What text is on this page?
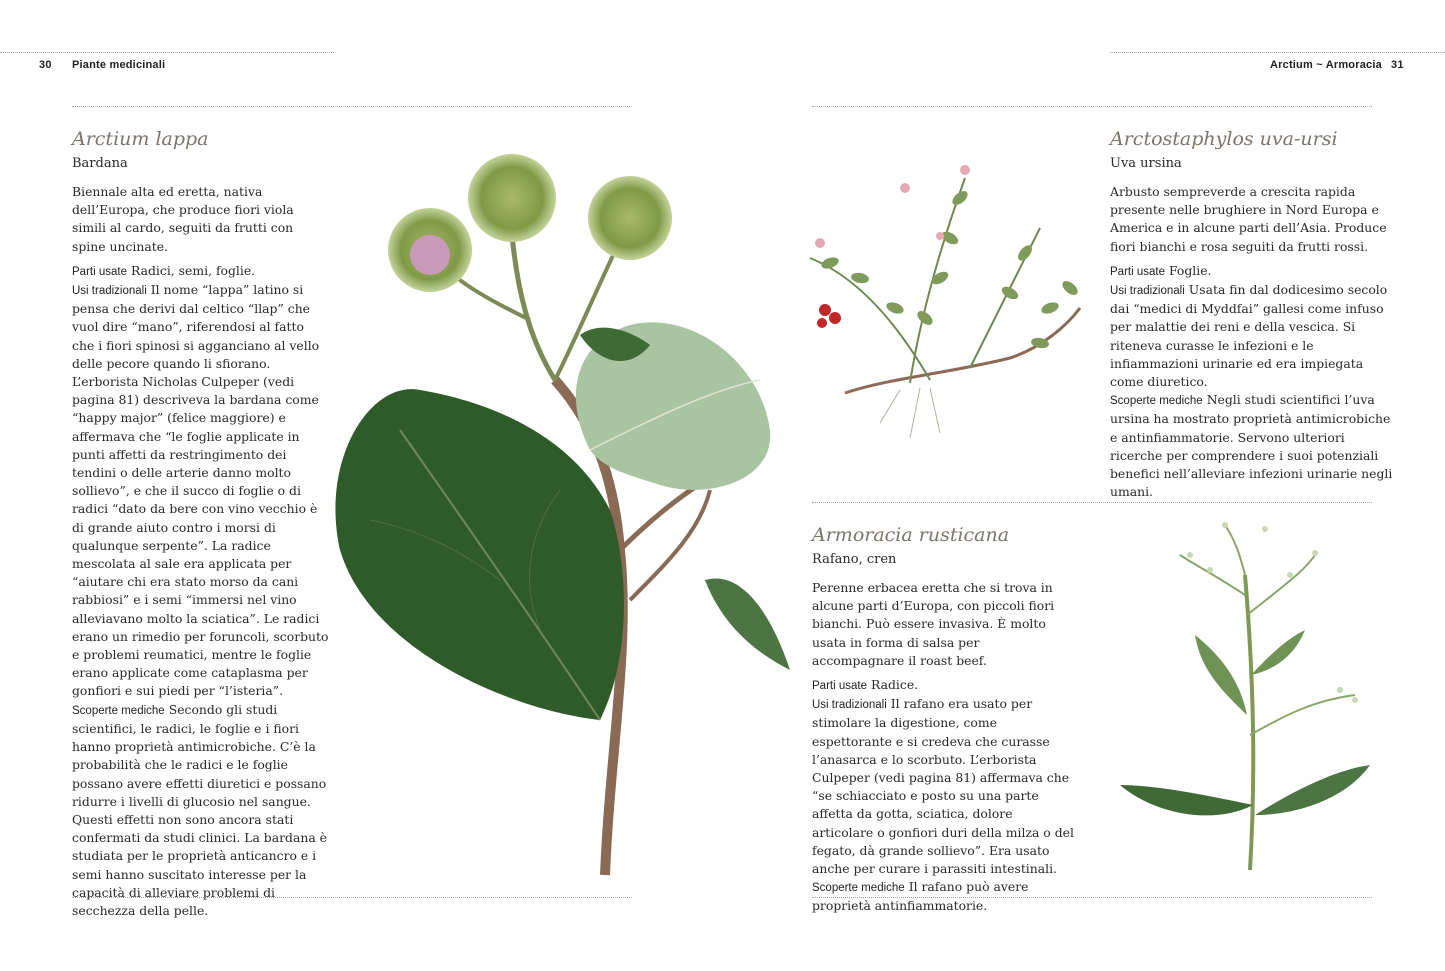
30 Piante medicinali	Arctium ~ Armoracia 31

Arctium lappa

Bardana

Biennale alta ed eretta, nativa dell’Europa, che produce fiori viola simili al cardo, seguiti da frutti con spine uncinate.

Parti usate Radici, semi, foglie.

Usi tradizionali Il nome “lappa” latino si pensa che derivi dal celtico “llap” che vuol dire “mano”, riferendosi al fatto che i fiori spinosi si agganciano al vello delle pecore quando li sfiorano. L’erborista Nicholas Culpeper (vedi pagina 81) descriveva la bardana come “happy major” (felice maggiore) e affermava che “le foglie applicate in punti affetti da restringimento dei tendini o delle arterie danno molto sollievo”, e che il succo di foglie o di radici “dato da bere con vino vecchio è di grande aiuto contro i morsi di qualunque serpente”. La radice mescolata al sale era applicata per “aiutare chi era stato morso da cani rabbiosi” e i semi “immersi nel vino alleviavano molto la sciatica”. Le radici erano un rimedio per foruncoli, scorbuto e problemi reumatici, mentre le foglie erano applicate come cataplasma per gonfiori e sui piedi per “l’isteria”.

Scoperte mediche Secondo gli studi scientifici, le radici, le foglie e i fiori hanno proprietà antimicrobiche. C’è la probabilità che le radici e le foglie possano avere effetti diuretici e possano ridurre i livelli di glucosio nel sangue. Questi effetti non sono ancora stati confermati da studi clinici. La bardana è studiata per le proprietà anticancro e i semi hanno suscitato interesse per la capacità di alleviare problemi di secchezza della pelle.

Arctostaphylos uva-ursi

Uva ursina

Arbusto sempreverde a crescita rapida presente nelle brughiere in Nord Europa e America e in alcune parti dell’Asia. Produce fiori bianchi e rosa seguiti da frutti rossi.

Parti usate Foglie.

Usi tradizionali Usata fin dal dodicesimo secolo dai “medici di Myddfai” gallesi come infuso per malattie dei reni e della vescica. Si riteneva curasse le infezioni e le infiammazioni urinarie ed era impiegata come diuretico.

Scoperte mediche Negli studi scientifici l’uva ursina ha mostrato proprietà antimicrobiche e antinfiammatorie. Servono ulteriori ricerche per comprendere i suoi potenziali benefici nell’alleviare infezioni urinarie negli umani.

Armoracia rusticana

Rafano, cren

Perenne erbacea eretta che si trova in alcune parti d’Europa, con piccoli fiori bianchi. Può essere invasiva. È molto usata in forma di salsa per accompagnare il roast beef.

Parti usate Radice.

Usi tradizionali Il rafano era usato per stimolare la digestione, come espettorante e si credeva che curasse l’anasarca e lo scorbuto. L’erborista Culpeper (vedi pagina 81) affermava che “se schiacciato e posto su una parte affetta da gotta, sciatica, dolore articolare o gonfiori duri della milza o del fegato, dà grande sollievo”. Era usato anche per curare i parassiti intestinali.

Scoperte mediche Il rafano può avere proprietà antinfiammatorie.
